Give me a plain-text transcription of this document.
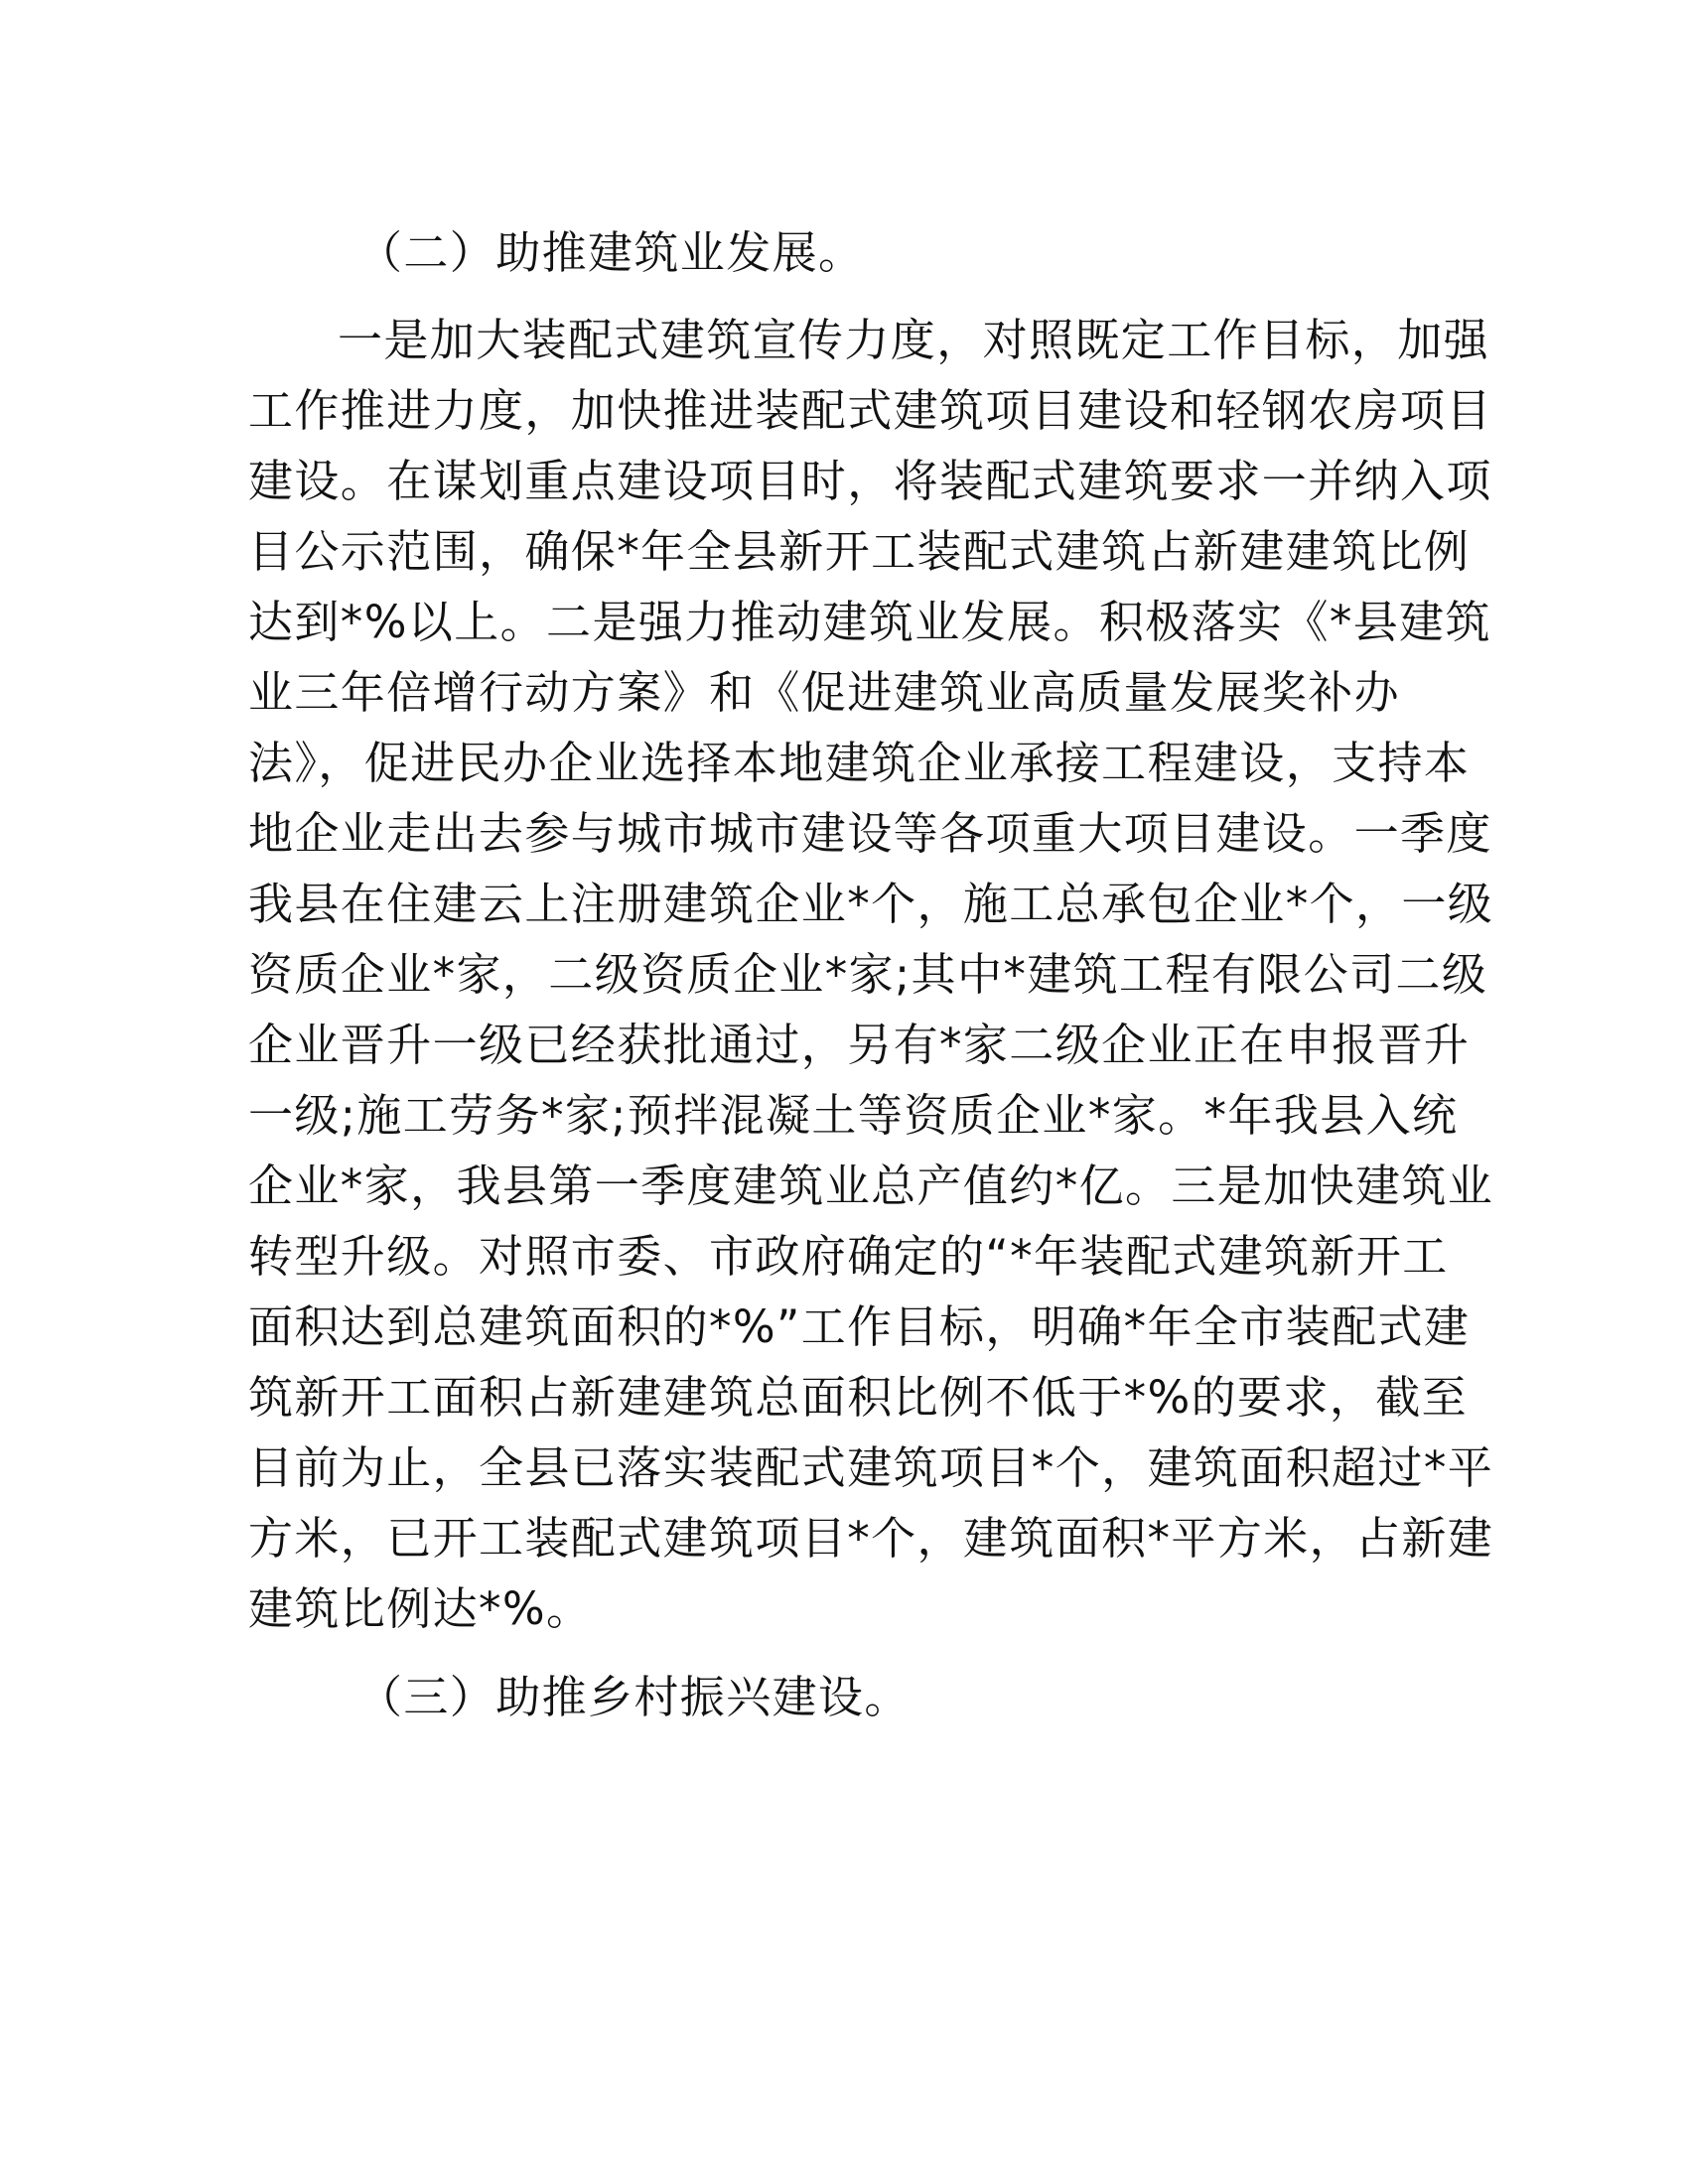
（二）助推建筑业发展。
一是加大装配式建筑宣传力度，对照既定工作目标，加强
工作推进力度，加快推进装配式建筑项目建设和轻钢农房项目
建设。在谋划重点建设项目时，将装配式建筑要求一并纳入项
目公示范围，确保*年全县新开工装配式建筑占新建建筑比例
达到*%以上。二是强力推动建筑业发展。积极落实《*县建筑
业三年倍增行动方案》和《促进建筑业高质量发展奖补办
法》，促进民办企业选择本地建筑企业承接工程建设，支持本
地企业走出去参与城市城市建设等各项重大项目建设。一季度
我县在住建云上注册建筑企业*个，施工总承包企业*个，一级
资质企业*家，二级资质企业*家;其中*建筑工程有限公司二级
企业晋升一级已经获批通过，另有*家二级企业正在申报晋升
一级;施工劳务*家;预拌混凝土等资质企业*家。*年我县入统
企业*家，我县第一季度建筑业总产值约*亿。三是加快建筑业
转型升级。对照市委、市政府确定的“*年装配式建筑新开工
面积达到总建筑面积的*%”工作目标，明确*年全市装配式建
筑新开工面积占新建建筑总面积比例不低于*%的要求，截至
目前为止，全县已落实装配式建筑项目*个，建筑面积超过*平
方米，已开工装配式建筑项目*个，建筑面积*平方米，占新建
建筑比例达*%。
（三）助推乡村振兴建设。
